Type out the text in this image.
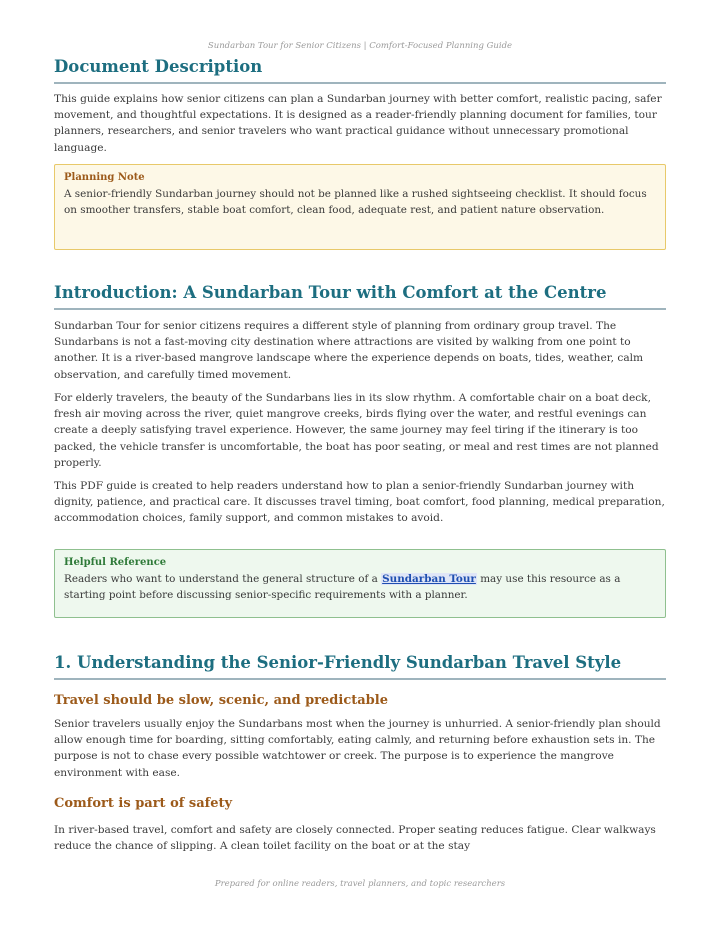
Sundarban Tour for Senior Citizens | Comfort-Focused Planning Guide
Document Description

This guide explains how senior citizens can plan a Sundarban journey with better comfort, realistic pacing, safer movement, and thoughtful expectations. It is designed as a reader-friendly planning document for families, tour planners, researchers, and senior travelers who want practical guidance without unnecessary promotional language.

Planning Note

A senior-friendly Sundarban journey should not be planned like a rushed sightseeing checklist. It should focus on smoother transfers, stable boat comfort, clean food, adequate rest, and patient nature observation.

Introduction: A Sundarban Tour with Comfort at the Centre

Sundarban Tour for senior citizens requires a different style of planning from ordinary group travel. The Sundarbans is not a fast-moving city destination where attractions are visited by walking from one point to another. It is a river-based mangrove landscape where the experience depends on boats, tides, weather, calm observation, and carefully timed movement.

For elderly travelers, the beauty of the Sundarbans lies in its slow rhythm. A comfortable chair on a boat deck, fresh air moving across the river, quiet mangrove creeks, birds flying over the water, and restful evenings can create a deeply satisfying travel experience. However, the same journey may feel tiring if the itinerary is too packed, the vehicle transfer is uncomfortable, the boat has poor seating, or meal and rest times are not planned properly.

This PDF guide is created to help readers understand how to plan a senior-friendly Sundarban journey with dignity, patience, and practical care. It discusses travel timing, boat comfort, food planning, medical preparation, accommodation choices, family support, and common mistakes to avoid.

Helpful Reference

Readers who want to understand the general structure of a Sundarban Tour may use this resource as a starting point before discussing senior-specific requirements with a planner.

1. Understanding the Senior-Friendly Sundarban Travel Style
Travel should be slow, scenic, and predictable

Senior travelers usually enjoy the Sundarbans most when the journey is unhurried. A senior-friendly plan should allow enough time for boarding, sitting comfortably, eating calmly, and returning before exhaustion sets in. The purpose is not to chase every possible watchtower or creek. The purpose is to experience the mangrove environment with ease.

Comfort is part of safety

In river-based travel, comfort and safety are closely connected. Proper seating reduces fatigue. Clear walkways reduce the chance of slipping. A clean toilet facility on the boat or at the stay

Prepared for online readers, travel planners, and topic researchers
